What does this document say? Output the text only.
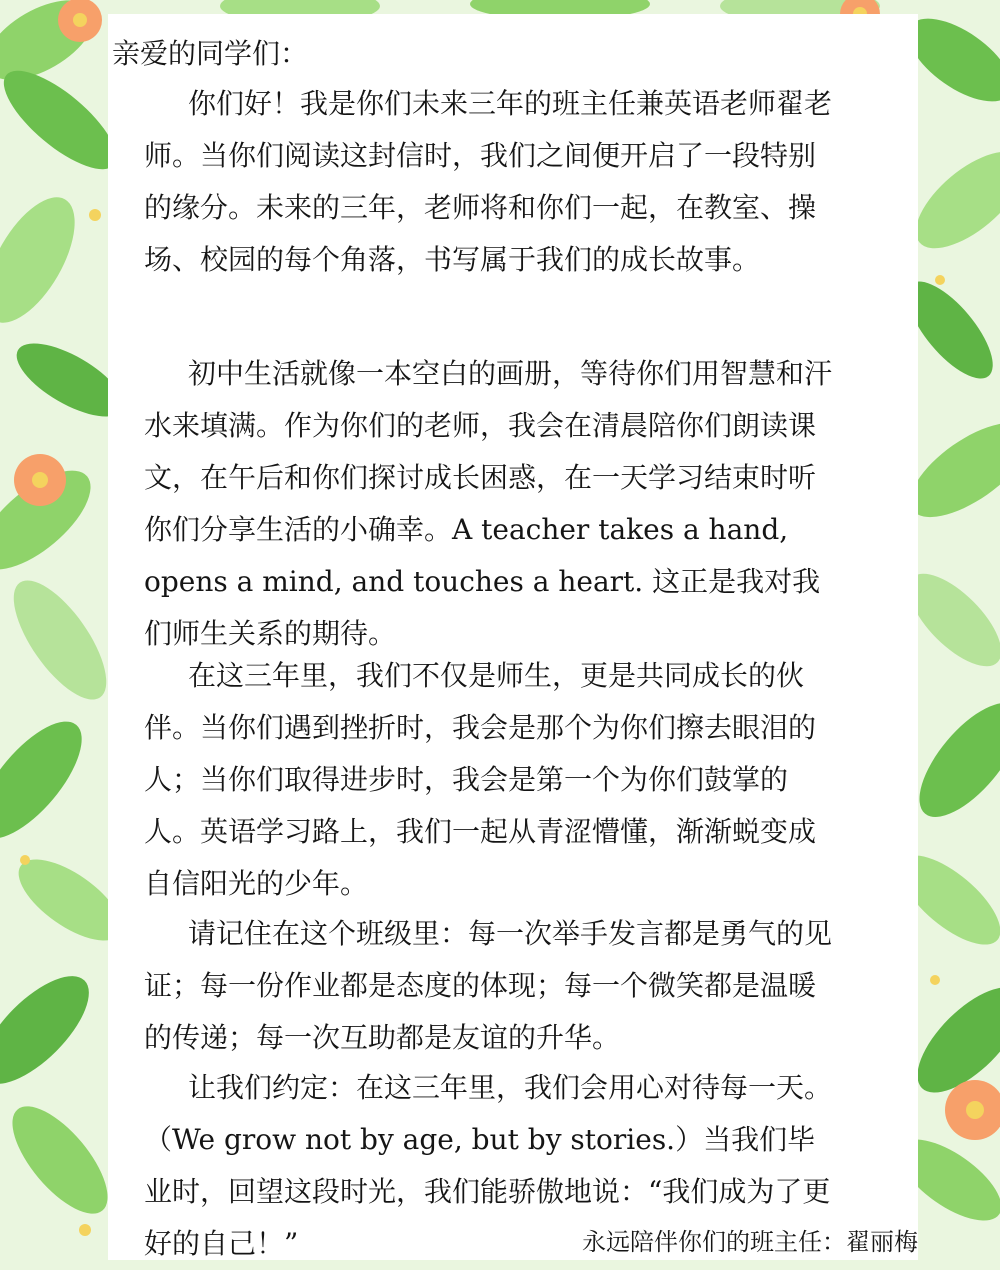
亲爱的同学们：

你们好！我是你们未来三年的班主任兼英语老师翟老师。当你们阅读这封信时，我们之间便开启了一段特别的缘分。未来的三年，老师将和你们一起，在教室、操场、校园的每个角落，书写属于我们的成长故事。

初中生活就像一本空白的画册，等待你们用智慧和汗水来填满。作为你们的老师，我会在清晨陪你们朗读课文，在午后和你们探讨成长困惑，在一天学习结束时听你们分享生活的小确幸。A teacher takes a hand, opens a mind, and touches a heart. 这正是我对我们师生关系的期待。

在这三年里，我们不仅是师生，更是共同成长的伙伴。当你们遇到挫折时，我会是那个为你们擦去眼泪的人；当你们取得进步时，我会是第一个为你们鼓掌的人。英语学习路上，我们一起从青涩懵懂，渐渐蜕变成自信阳光的少年。

请记住在这个班级里：每一次举手发言都是勇气的见证；每一份作业都是态度的体现；每一个微笑都是温暖的传递；每一次互助都是友谊的升华。

让我们约定：在这三年里，我们会用心对待每一天。（We grow not by age, but by stories.）当我们毕业时，回望这段时光，我们能骄傲地说：“我们成为了更好的自己！”	永远陪伴你们的班主任：翟丽梅
